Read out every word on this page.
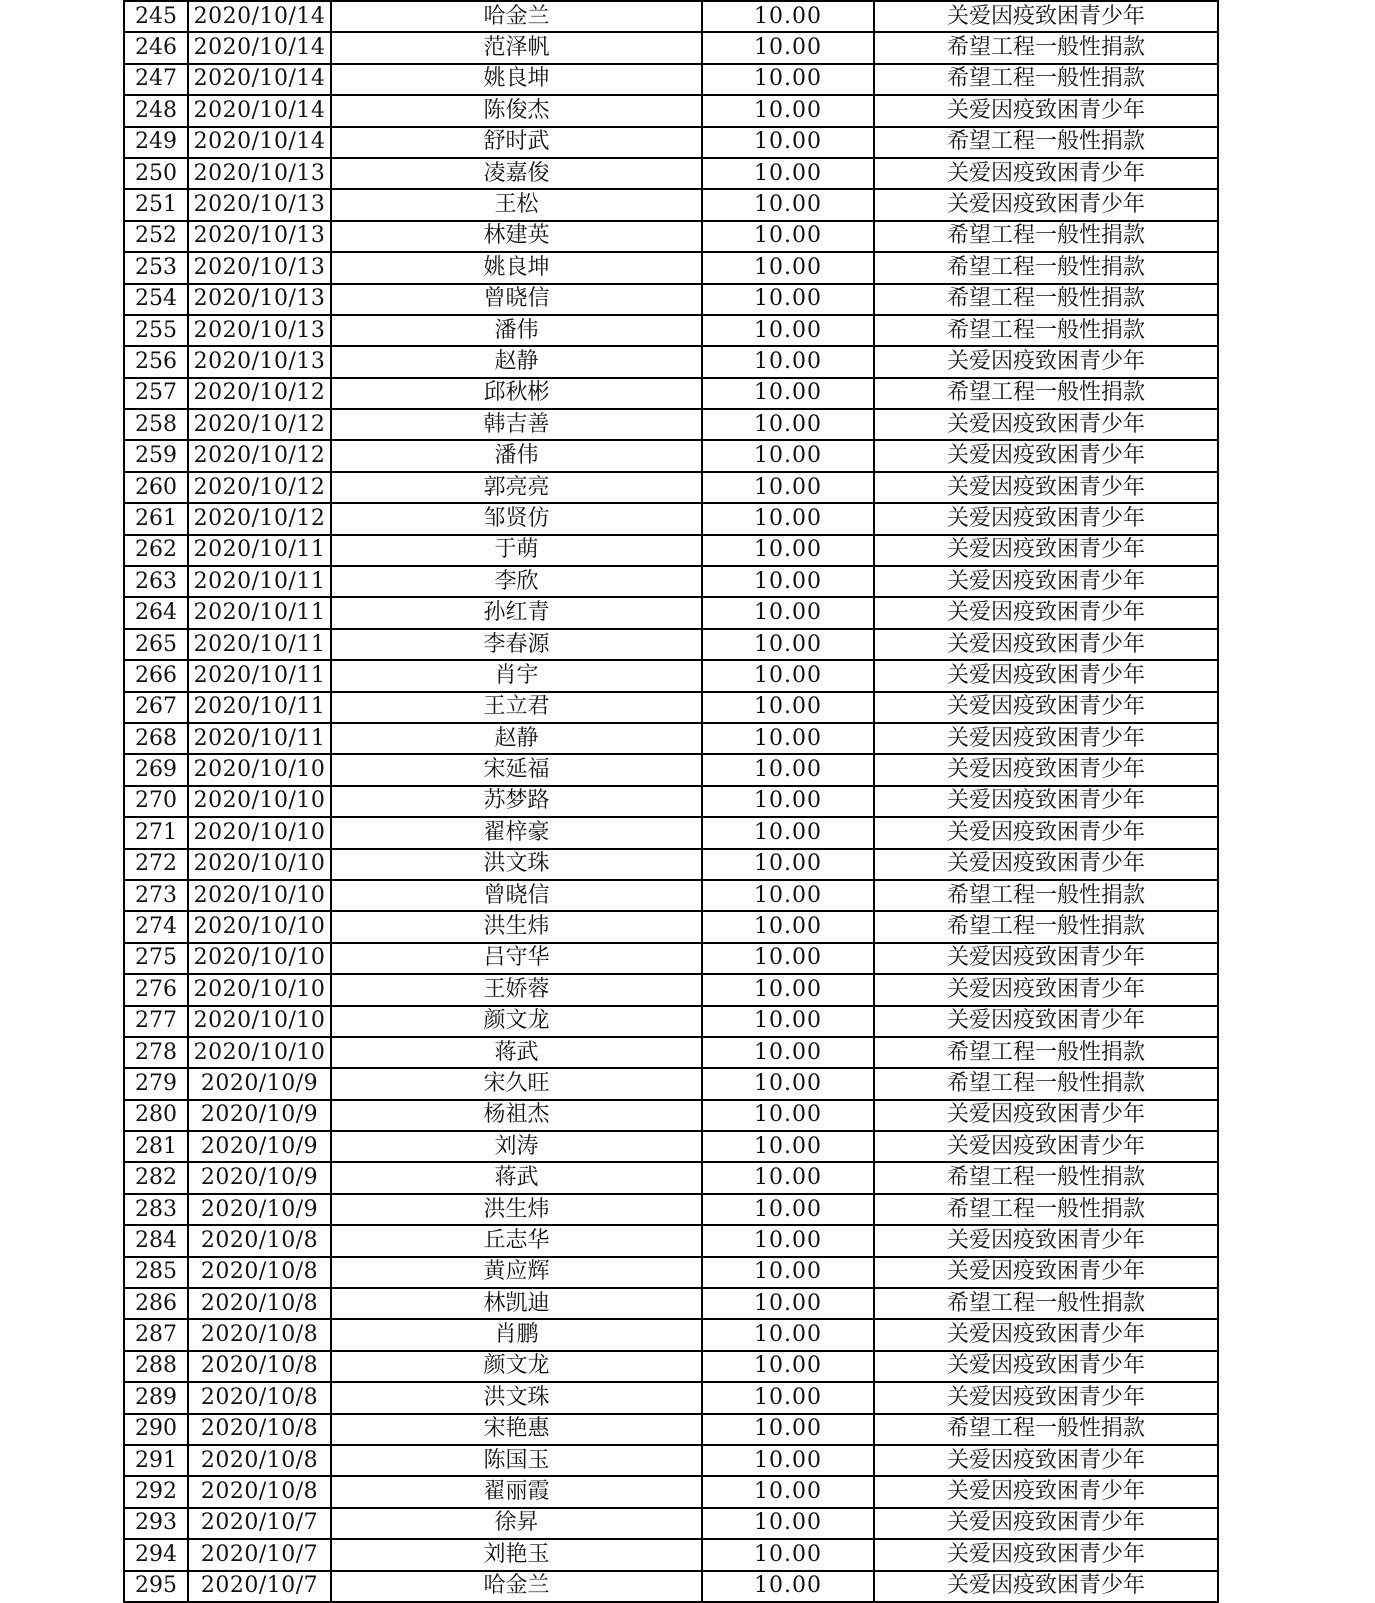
245	2020/10/14	哈金兰	10.00	关爱因疫致困青少年
246	2020/10/14	范泽帆	10.00	希望工程一般性捐款
247	2020/10/14	姚良坤	10.00	希望工程一般性捐款
248	2020/10/14	陈俊杰	10.00	关爱因疫致困青少年
249	2020/10/14	舒时武	10.00	希望工程一般性捐款
250	2020/10/13	凌嘉俊	10.00	关爱因疫致困青少年
251	2020/10/13	王松	10.00	关爱因疫致困青少年
252	2020/10/13	林建英	10.00	希望工程一般性捐款
253	2020/10/13	姚良坤	10.00	希望工程一般性捐款
254	2020/10/13	曾晓信	10.00	希望工程一般性捐款
255	2020/10/13	潘伟	10.00	希望工程一般性捐款
256	2020/10/13	赵静	10.00	关爱因疫致困青少年
257	2020/10/12	邱秋彬	10.00	希望工程一般性捐款
258	2020/10/12	韩吉善	10.00	关爱因疫致困青少年
259	2020/10/12	潘伟	10.00	关爱因疫致困青少年
260	2020/10/12	郭亮亮	10.00	关爱因疫致困青少年
261	2020/10/12	邹贤仿	10.00	关爱因疫致困青少年
262	2020/10/11	于萌	10.00	关爱因疫致困青少年
263	2020/10/11	李欣	10.00	关爱因疫致困青少年
264	2020/10/11	孙红青	10.00	关爱因疫致困青少年
265	2020/10/11	李春源	10.00	关爱因疫致困青少年
266	2020/10/11	肖宇	10.00	关爱因疫致困青少年
267	2020/10/11	王立君	10.00	关爱因疫致困青少年
268	2020/10/11	赵静	10.00	关爱因疫致困青少年
269	2020/10/10	宋延福	10.00	关爱因疫致困青少年
270	2020/10/10	苏梦路	10.00	关爱因疫致困青少年
271	2020/10/10	翟梓豪	10.00	关爱因疫致困青少年
272	2020/10/10	洪文珠	10.00	关爱因疫致困青少年
273	2020/10/10	曾晓信	10.00	希望工程一般性捐款
274	2020/10/10	洪生炜	10.00	希望工程一般性捐款
275	2020/10/10	吕守华	10.00	关爱因疫致困青少年
276	2020/10/10	王娇蓉	10.00	关爱因疫致困青少年
277	2020/10/10	颜文龙	10.00	关爱因疫致困青少年
278	2020/10/10	蒋武	10.00	希望工程一般性捐款
279	2020/10/9	宋久旺	10.00	希望工程一般性捐款
280	2020/10/9	杨祖杰	10.00	关爱因疫致困青少年
281	2020/10/9	刘涛	10.00	关爱因疫致困青少年
282	2020/10/9	蒋武	10.00	希望工程一般性捐款
283	2020/10/9	洪生炜	10.00	希望工程一般性捐款
284	2020/10/8	丘志华	10.00	关爱因疫致困青少年
285	2020/10/8	黄应辉	10.00	关爱因疫致困青少年
286	2020/10/8	林凯迪	10.00	希望工程一般性捐款
287	2020/10/8	肖鹏	10.00	关爱因疫致困青少年
288	2020/10/8	颜文龙	10.00	关爱因疫致困青少年
289	2020/10/8	洪文珠	10.00	关爱因疫致困青少年
290	2020/10/8	宋艳惠	10.00	希望工程一般性捐款
291	2020/10/8	陈国玉	10.00	关爱因疫致困青少年
292	2020/10/8	翟丽霞	10.00	关爱因疫致困青少年
293	2020/10/7	徐昇	10.00	关爱因疫致困青少年
294	2020/10/7	刘艳玉	10.00	关爱因疫致困青少年
295	2020/10/7	哈金兰	10.00	关爱因疫致困青少年
